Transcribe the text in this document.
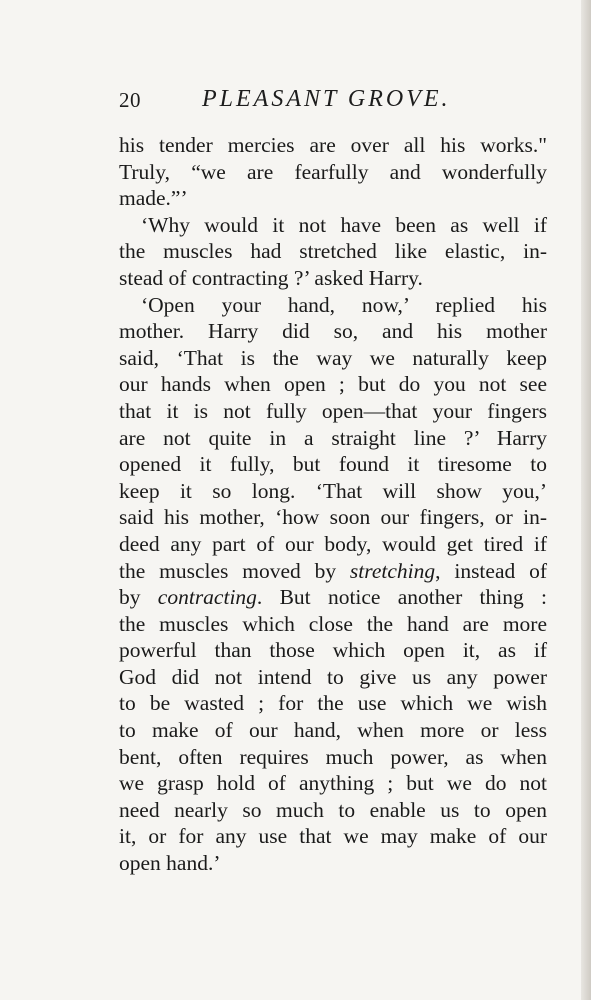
20	PLEASANT GROVE.
his tender mercies are over all his works."
Truly, “we are fearfully and wonderfully
made.”’
‘Why would it not have been as well if
the muscles had stretched like elastic, in-
stead of contracting ?’ asked Harry.
‘Open your hand, now,’ replied his
mother. Harry did so, and his mother
said, ‘That is the way we naturally keep
our hands when open ; but do you not see
that it is not fully open—that your fingers
are not quite in a straight line ?’ Harry
opened it fully, but found it tiresome to
keep it so long. ‘That will show you,’
said his mother, ‘how soon our fingers, or in-
deed any part of our body, would get tired if
the muscles moved by stretching, instead of
by contracting. But notice another thing :
the muscles which close the hand are more
powerful than those which open it, as if
God did not intend to give us any power
to be wasted ; for the use which we wish
to make of our hand, when more or less
bent, often requires much power, as when
we grasp hold of anything ; but we do not
need nearly so much to enable us to open
it, or for any use that we may make of our
open hand.’
